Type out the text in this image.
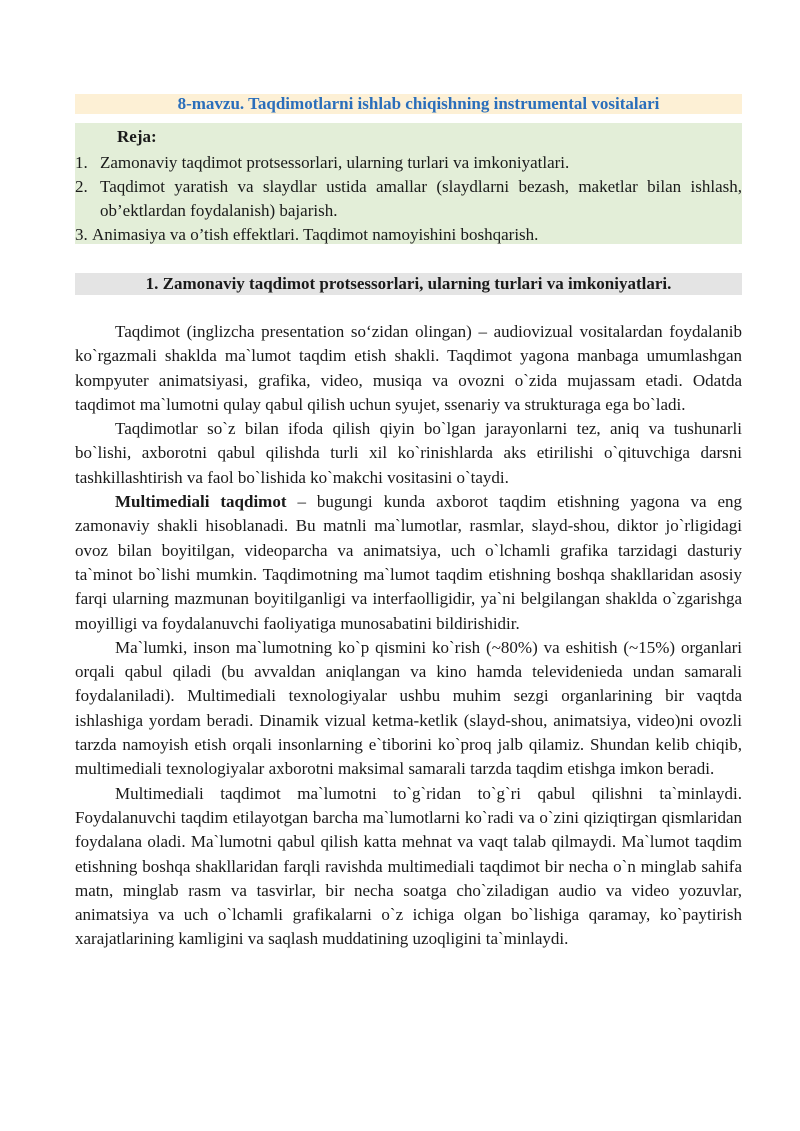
8-mavzu. Taqdimotlarni ishlab chiqishning instrumental vositalari
Reja:
1. Zamonaviy taqdimot protsessorlari, ularning turlari va imkoniyatlari.
2. Taqdimot yaratish va slaydlar ustida amallar (slaydlarni bezash, maketlar bilan ishlash, ob’ektlardan foydalanish) bajarish.
3.
Animasiya va o’tish effektlari. Taqdimot namoyishini boshqarish.
1. Zamonaviy taqdimot protsessorlari, ularning turlari va imkoniyatlari.

Taqdimot (inglizcha presentation so‘zidan olingan) – audiovizual vositalardan foydalanib ko`rgazmali shaklda ma`lumot taqdim etish shakli. Taqdimot yagona manbaga umumlashgan kompyuter animatsiyasi, grafika, video, musiqa va ovozni o`zida mujassam etadi. Odatda taqdimot ma`lumotni qulay qabul qilish uchun syujet, ssenariy va strukturaga ega bo`ladi.

Taqdimotlar so`z bilan ifoda qilish qiyin bo`lgan jarayonlarni tez, aniq va tushunarli bo`lishi, axborotni qabul qilishda turli xil ko`rinishlarda aks etirilishi o`qituvchiga darsni tashkillashtirish va faol bo`lishida ko`makchi vositasini o`taydi.

Multimediali taqdimot – bugungi kunda axborot taqdim etishning yagona va eng zamonaviy shakli hisoblanadi. Bu matnli ma`lumotlar, rasmlar, slayd-shou, diktor jo`rligidagi ovoz bilan boyitilgan, videoparcha va animatsiya, uch o`lchamli grafika tarzidagi dasturiy ta`minot bo`lishi mumkin. Taqdimotning ma`lumot taqdim etishning boshqa shakllaridan asosiy farqi ularning mazmunan boyitilganligi va interfaolligidir, ya`ni belgilangan shaklda o`zgarishga moyilligi va foydalanuvchi faoliyatiga munosabatini bildirishidir.

Ma`lumki, inson ma`lumotning ko`p qismini ko`rish (~80%) va eshitish (~15%) organlari orqali qabul qiladi (bu avvaldan aniqlangan va kino hamda televidenieda undan samarali foydalaniladi). Multimediali texnologiyalar ushbu muhim sezgi organlarining bir vaqtda ishlashiga yordam beradi. Dinamik vizual ketma-ketlik (slayd-shou, animatsiya, video)ni ovozli tarzda namoyish etish orqali insonlarning e`tiborini ko`proq jalb qilamiz. Shundan kelib chiqib, multimediali texnologiyalar axborotni maksimal samarali tarzda taqdim etishga imkon beradi.

Multimediali taqdimot ma`lumotni to`g`ridan to`g`ri qabul qilishni ta`minlaydi. Foydalanuvchi taqdim etilayotgan barcha ma`lumotlarni ko`radi va o`zini qiziqtirgan qismlaridan foydalana oladi. Ma`lumotni qabul qilish katta mehnat va vaqt talab qilmaydi. Ma`lumot taqdim etishning boshqa shakllaridan farqli ravishda multimediali taqdimot bir necha o`n minglab sahifa matn, minglab rasm va tasvirlar, bir necha soatga cho`ziladigan audio va video yozuvlar, animatsiya va uch o`lchamli grafikalarni o`z ichiga olgan bo`lishiga qaramay, ko`paytirish xarajatlarining kamligini va saqlash muddatining uzoqligini ta`minlaydi.
